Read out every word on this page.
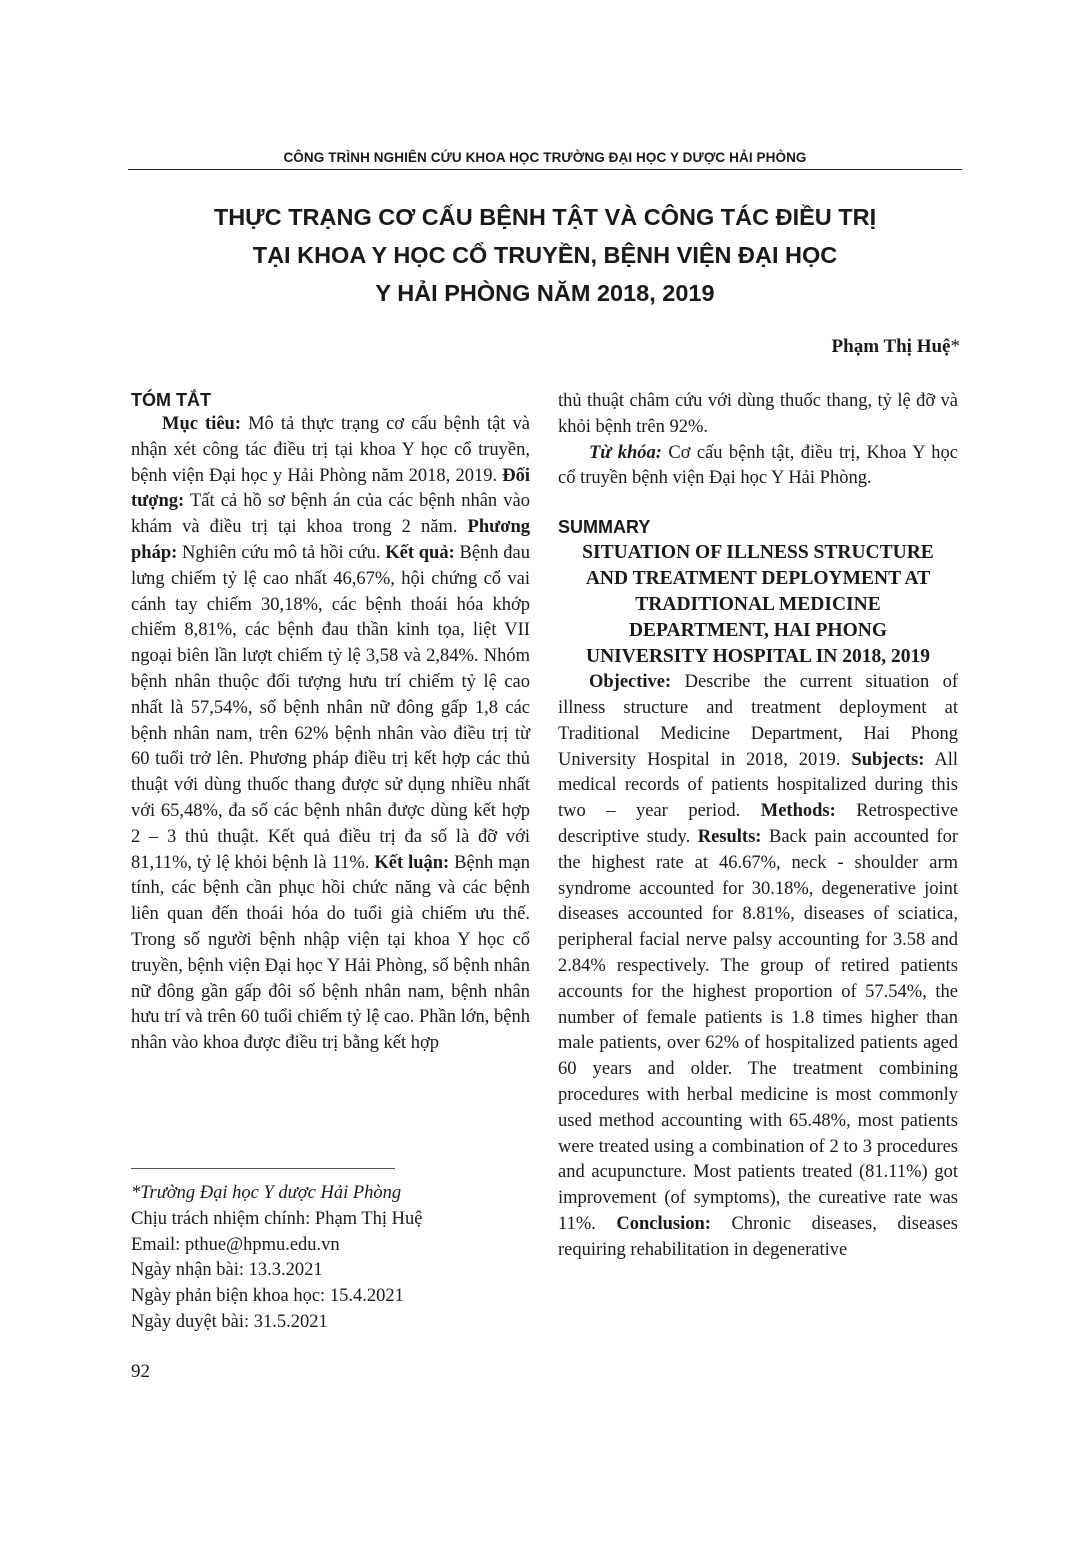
CÔNG TRÌNH NGHIÊN CỨU KHOA HỌC TRƯỜNG ĐẠI HỌC Y DƯỢC HẢI PHÒNG
THỰC TRẠNG CƠ CẤU BỆNH TẬT VÀ CÔNG TÁC ĐIỀU TRỊ
TẠI KHOA Y HỌC CỔ TRUYỀN, BỆNH VIỆN ĐẠI HỌC
Y HẢI PHÒNG NĂM 2018, 2019

Phạm Thị Huệ*

TÓM TẮT

Mục tiêu: Mô tả thực trạng cơ cấu bệnh tật và nhận xét công tác điều trị tại khoa Y học cổ truyền, bệnh viện Đại học y Hải Phòng năm 2018, 2019. Đối tượng: Tất cả hồ sơ bệnh án của các bệnh nhân vào khám và điều trị tại khoa trong 2 năm. Phương pháp: Nghiên cứu mô tả hồi cứu. Kết quả: Bệnh đau lưng chiếm tỷ lệ cao nhất 46,67%, hội chứng cổ vai cánh tay chiếm 30,18%, các bệnh thoái hóa khớp chiếm 8,81%, các bệnh đau thần kinh tọa, liệt VII ngoại biên lần lượt chiếm tỷ lệ 3,58 và 2,84%. Nhóm bệnh nhân thuộc đối tượng hưu trí chiếm tỷ lệ cao nhất là 57,54%, số bệnh nhân nữ đông gấp 1,8 các bệnh nhân nam, trên 62% bệnh nhân vào điều trị từ 60 tuổi trở lên. Phương pháp điều trị kết hợp các thủ thuật với dùng thuốc thang được sử dụng nhiều nhất với 65,48%, đa số các bệnh nhân được dùng kết hợp 2 – 3 thủ thuật. Kết quả điều trị đa số là đỡ với 81,11%, tỷ lệ khỏi bệnh là 11%. Kết luận: Bệnh mạn tính, các bệnh cần phục hồi chức năng và các bệnh liên quan đến thoái hóa do tuổi già chiếm ưu thế. Trong số người bệnh nhập viện tại khoa Y học cổ truyền, bệnh viện Đại học Y Hải Phòng, số bệnh nhân nữ đông gần gấp đôi số bệnh nhân nam, bệnh nhân hưu trí và trên 60 tuổi chiếm tỷ lệ cao. Phần lớn, bệnh nhân vào khoa được điều trị bằng kết hợp

*Trường Đại học Y dược Hải Phòng
Chịu trách nhiệm chính: Phạm Thị Huệ
Email: pthue@hpmu.edu.vn
Ngày nhận bài: 13.3.2021
Ngày phản biện khoa học: 15.4.2021
Ngày duyệt bài: 31.5.2021
92

thủ thuật châm cứu với dùng thuốc thang, tỷ lệ đỡ và khỏi bệnh trên 92%.

Từ khóa: Cơ cấu bệnh tật, điều trị, Khoa Y học cổ truyền bệnh viện Đại học Y Hải Phòng.

SUMMARY
SITUATION OF ILLNESS STRUCTURE
AND TREATMENT DEPLOYMENT AT
TRADITIONAL MEDICINE
DEPARTMENT, HAI PHONG
UNIVERSITY HOSPITAL IN 2018, 2019

Objective: Describe the current situation of illness structure and treatment deployment at Traditional Medicine Department, Hai Phong University Hospital in 2018, 2019. Subjects: All medical records of patients hospitalized during this two – year period. Methods: Retrospective descriptive study. Results: Back pain accounted for the highest rate at 46.67%, neck - shoulder arm syndrome accounted for 30.18%, degenerative joint diseases accounted for 8.81%, diseases of sciatica, peripheral facial nerve palsy accounting for 3.58 and 2.84% respectively. The group of retired patients accounts for the highest proportion of 57.54%, the number of female patients is 1.8 times higher than male patients, over 62% of hospitalized patients aged 60 years and older. The treatment combining procedures with herbal medicine is most commonly used method accounting with 65.48%, most patients were treated using a combination of 2 to 3 procedures and acupuncture. Most patients treated (81.11%) got improvement (of symptoms), the cureative rate was 11%. Conclusion: Chronic diseases, diseases requiring rehabilitation in degenerative
